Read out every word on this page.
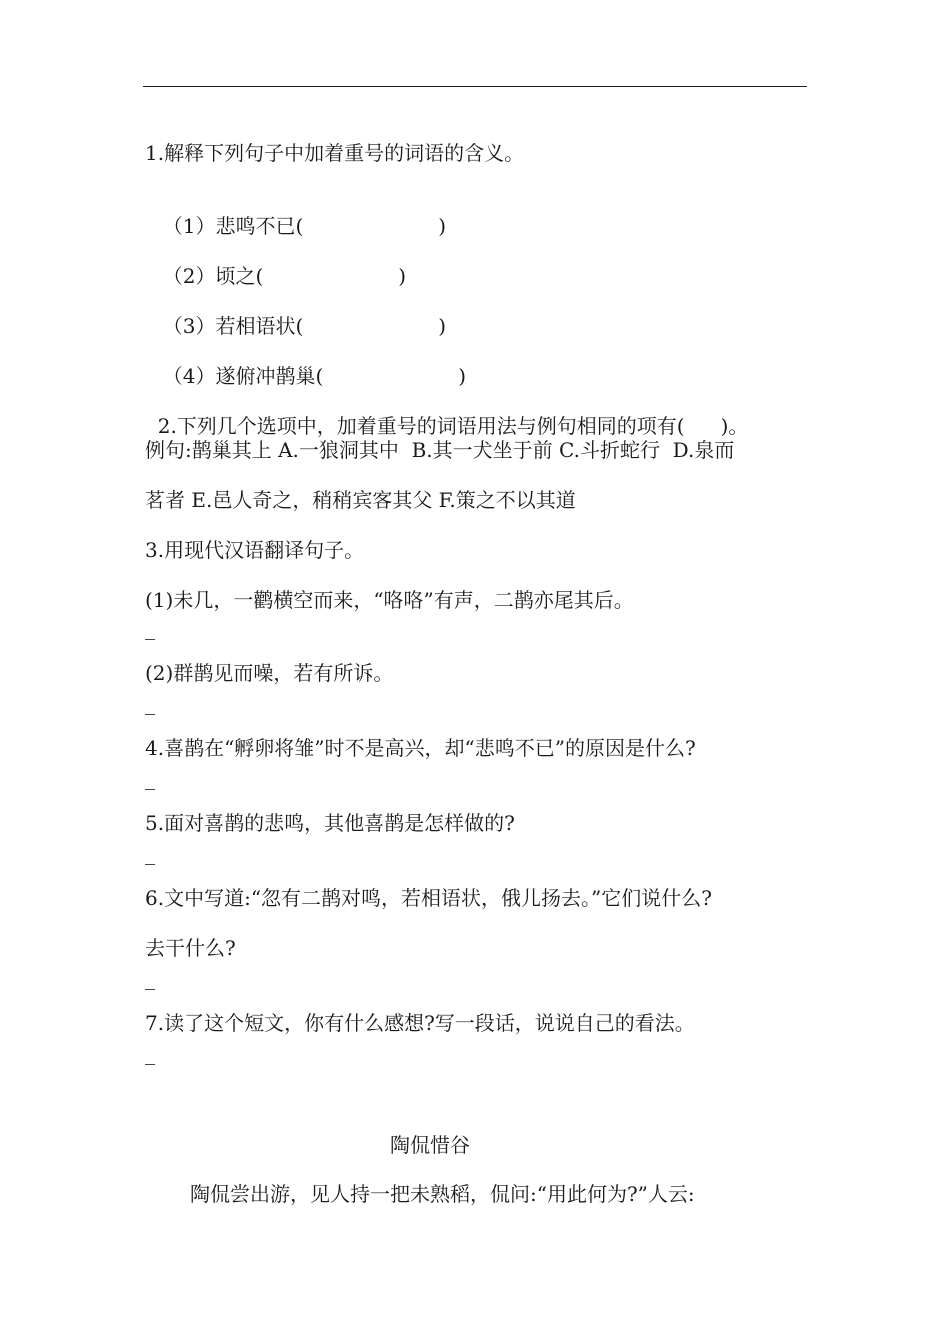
1.解释下列句子中加着重号的词语的含义。

（1）悲鸣不已(	)

（2）顷之(	)

（3）若相语状(	)

（4）遂俯冲鹊巢(	)

2.下列几个选项中，加着重号的词语用法与例句相同的项有( )。

例句:鹊巢其上 A.一狼洞其中  B.其一犬坐于前 C.斗折蛇行  D.泉而
茗者 E.邑人奇之，稍稍宾客其父 F.策之不以其道
3.用现代汉语翻译句子。
(1)未几，一鹳横空而来，“咯咯”有声，二鹊亦尾其后。
(2)群鹊见而噪，若有所诉。
4.喜鹊在“孵卵将雏”时不是高兴，却“悲鸣不已”的原因是什么?
5.面对喜鹊的悲鸣，其他喜鹊是怎样做的?
6.文中写道:“忽有二鹊对鸣，若相语状，俄儿扬去。”它们说什么?
去干什么?
7.读了这个短文，你有什么感想?写一段话，说说自己的看法。
陶侃惜谷
陶侃尝出游，见人持一把未熟稻，侃问:“用此何为?”人云:
